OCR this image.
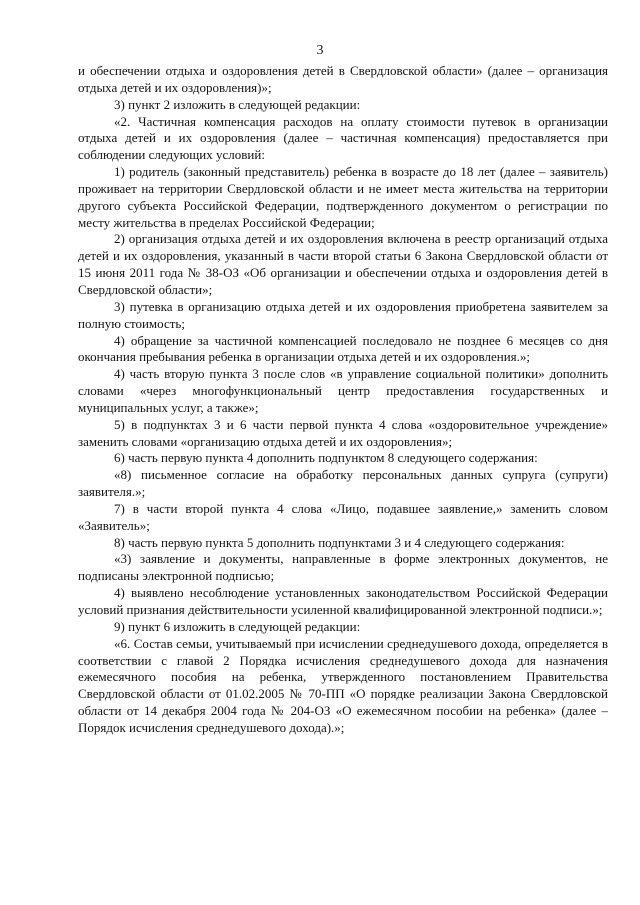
3

и обеспечении отдыха и оздоровления детей в Свердловской области» (далее – организация отдыха детей и их оздоровления)»;

3) пункт 2 изложить в следующей редакции:

«2. Частичная компенсация расходов на оплату стоимости путевок в организации отдыха детей и их оздоровления (далее – частичная компенсация) предоставляется при соблюдении следующих условий:

1) родитель (законный представитель) ребенка в возрасте до 18 лет (далее – заявитель) проживает на территории Свердловской области и не имеет места жительства на территории другого субъекта Российской Федерации, подтвержденного документом о регистрации по месту жительства в пределах Российской Федерации;

2) организация отдыха детей и их оздоровления включена в реестр организаций отдыха детей и их оздоровления, указанный в части второй статьи 6 Закона Свердловской области от 15 июня 2011 года № 38-ОЗ «Об организации и обеспечении отдыха и оздоровления детей в Свердловской области»;

3) путевка в организацию отдыха детей и их оздоровления приобретена заявителем за полную стоимость;

4) обращение за частичной компенсацией последовало не позднее 6 месяцев со дня окончания пребывания ребенка в организации отдыха детей и их оздоровления.»;

4) часть вторую пункта 3 после слов «в управление социальной политики» дополнить словами «через многофункциональный центр предоставления государственных и муниципальных услуг, а также»;

5) в подпунктах 3 и 6 части первой пункта 4 слова «оздоровительное учреждение» заменить словами «организацию отдыха детей и их оздоровления»;

6) часть первую пункта 4 дополнить подпунктом 8 следующего содержания:

«8) письменное согласие на обработку персональных данных супруга (супруги) заявителя.»;

7) в части второй пункта 4 слова «Лицо, подавшее заявление,» заменить словом «Заявитель»;

8) часть первую пункта 5 дополнить подпунктами 3 и 4 следующего содержания:

«3) заявление и документы, направленные в форме электронных документов, не подписаны электронной подписью;

4) выявлено несоблюдение установленных законодательством Российской Федерации условий признания действительности усиленной квалифицированной электронной подписи.»;

9) пункт 6 изложить в следующей редакции:

«6. Состав семьи, учитываемый при исчислении среднедушевого дохода, определяется в соответствии с главой 2 Порядка исчисления среднедушевого дохода для назначения ежемесячного пособия на ребенка, утвержденного постановлением Правительства Свердловской области от 01.02.2005 № 70-ПП «О порядке реализации Закона Свердловской области от 14 декабря 2004 года № 204-ОЗ «О ежемесячном пособии на ребенка» (далее – Порядок исчисления среднедушевого дохода).»;
